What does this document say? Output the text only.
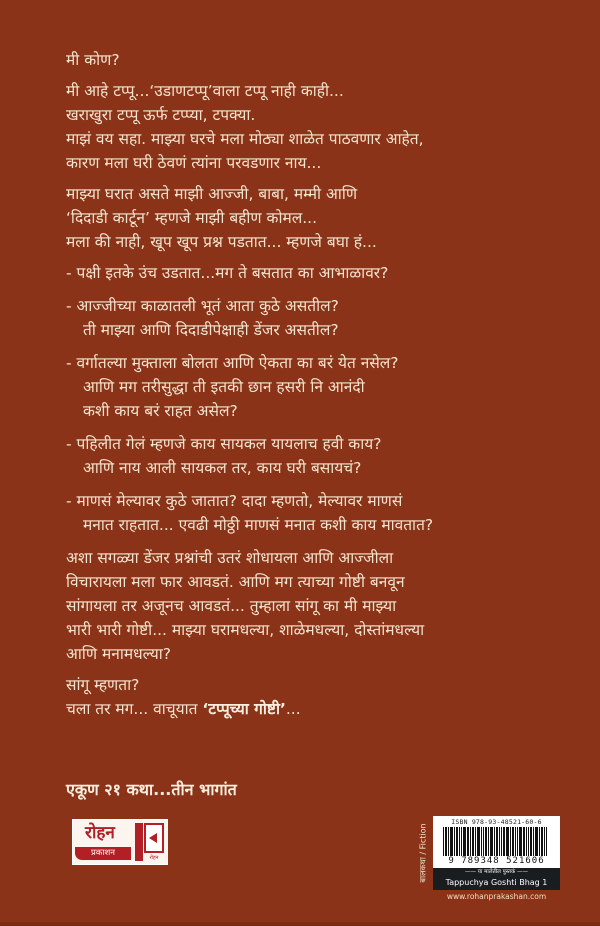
मी कोण?

मी आहे टप्पू...‘उडाणटप्पू’वाला टप्पू नाही काही...
खराखुरा टप्पू ऊर्फ टप्प्या, टपक्या.
माझं वय सहा. माझ्या घरचे मला मोठ्या शाळेत पाठवणार आहेत,
कारण मला घरी ठेवणं त्यांना परवडणार नाय...

माझ्या घरात असते माझी आज्जी, बाबा, मम्मी आणि
‘दिदाडी कार्टून’ म्हणजे माझी बहीण कोमल...
मला की नाही, खूप खूप प्रश्न पडतात... म्हणजे बघा हं...

- पक्षी इतके उंच उडतात...मग ते बसतात का आभाळावर?
- आज्जीच्या काळातली भूतं आता कुठे असतील?
ती माझ्या आणि दिदाडीपेक्षाही डेंजर असतील?
- वर्गातल्या मुक्ताला बोलता आणि ऐकता का बरं येत नसेल?
आणि मग तरीसुद्धा ती इतकी छान हसरी नि आनंदी
कशी काय बरं राहत असेल?
- पहिलीत गेलं म्हणजे काय सायकल यायलाच हवी काय?
आणि नाय आली सायकल तर, काय घरी बसायचं?
- माणसं मेल्यावर कुठे जातात? दादा म्हणतो, मेल्यावर माणसं
मनात राहतात... एवढी मोठ्ठी माणसं मनात कशी काय मावतात?

अशा सगळ्या डेंजर प्रश्नांची उतरं शोधायला आणि आज्जीला
विचारायला मला फार आवडतं. आणि मग त्याच्या गोष्टी बनवून
सांगायला तर अजूनच आवडतं... तुम्हाला सांगू का मी माझ्या
भारी भारी गोष्टी... माझ्या घरामधल्या, शाळेमधल्या, दोस्तांमधल्या
आणि मनामधल्या?

सांगू म्हणता?
चला तर मग... वाचूयात ‘टप्पूच्या गोष्टी’...

एकूण २१ कथा...तीन भागांत
रोहन
प्रकाशन	रोहन	बालकथा / Fiction
ISBN 978-93-48521-60-6
9 789348 521606
—— या मालेतील पुस्तकं ——
Tappuchya Goshti Bhag 1
www.rohanprakashan.com
